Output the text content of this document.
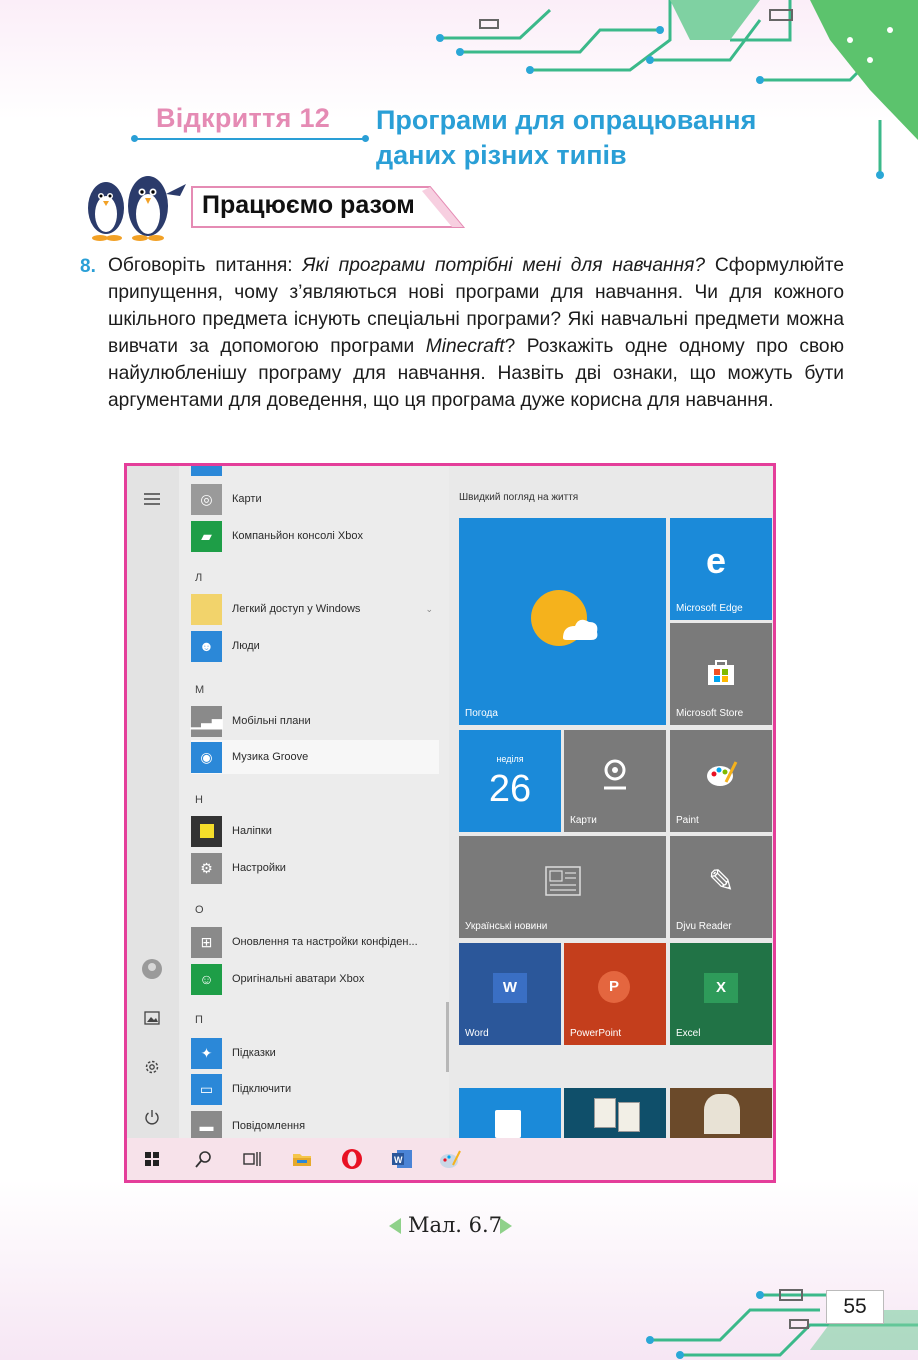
Відкриття 12 Програми для опрацювання
даних різних типів
Працюємо разом
8. Обговоріть питання: Які програми потрібні мені для навчання? Сформулюйте припущення, чому з’являються нові програми для навчання. Чи для кожного шкільного предмета існують спеціальні програми? Які навчальні предмети можна вивчати за допомогою програми Minecraft? Розкажіть одне одному про свою найулюбленішу програму для навчання. Назвіть дві ознаки, що можуть бути аргументами для доведення, що ця програма дуже корисна для навчання.
◎	Карти
▰	Компаньйон консолі Xbox
Л
Легкий доступ у Windows	⌄
☻	Люди
М
▁▃▅ Мобільні плани
◉	Музика Groove
Н
Наліпки
⚙	Настройки
О
⊞	Оновлення та настройки конфіден...
☺	Оригінальні аватари Xbox
П
✦	Підказки
▭	Підключити
▬	Повідомлення
Швидкий погляд на життя
Погода
e
Microsoft Edge
Microsoft Store
неділя
26
Карти	Paint
Українські новини
✎
Djvu Reader
W
Word
P
PowerPoint
X
Excel
W
Мал. 6.7
55
